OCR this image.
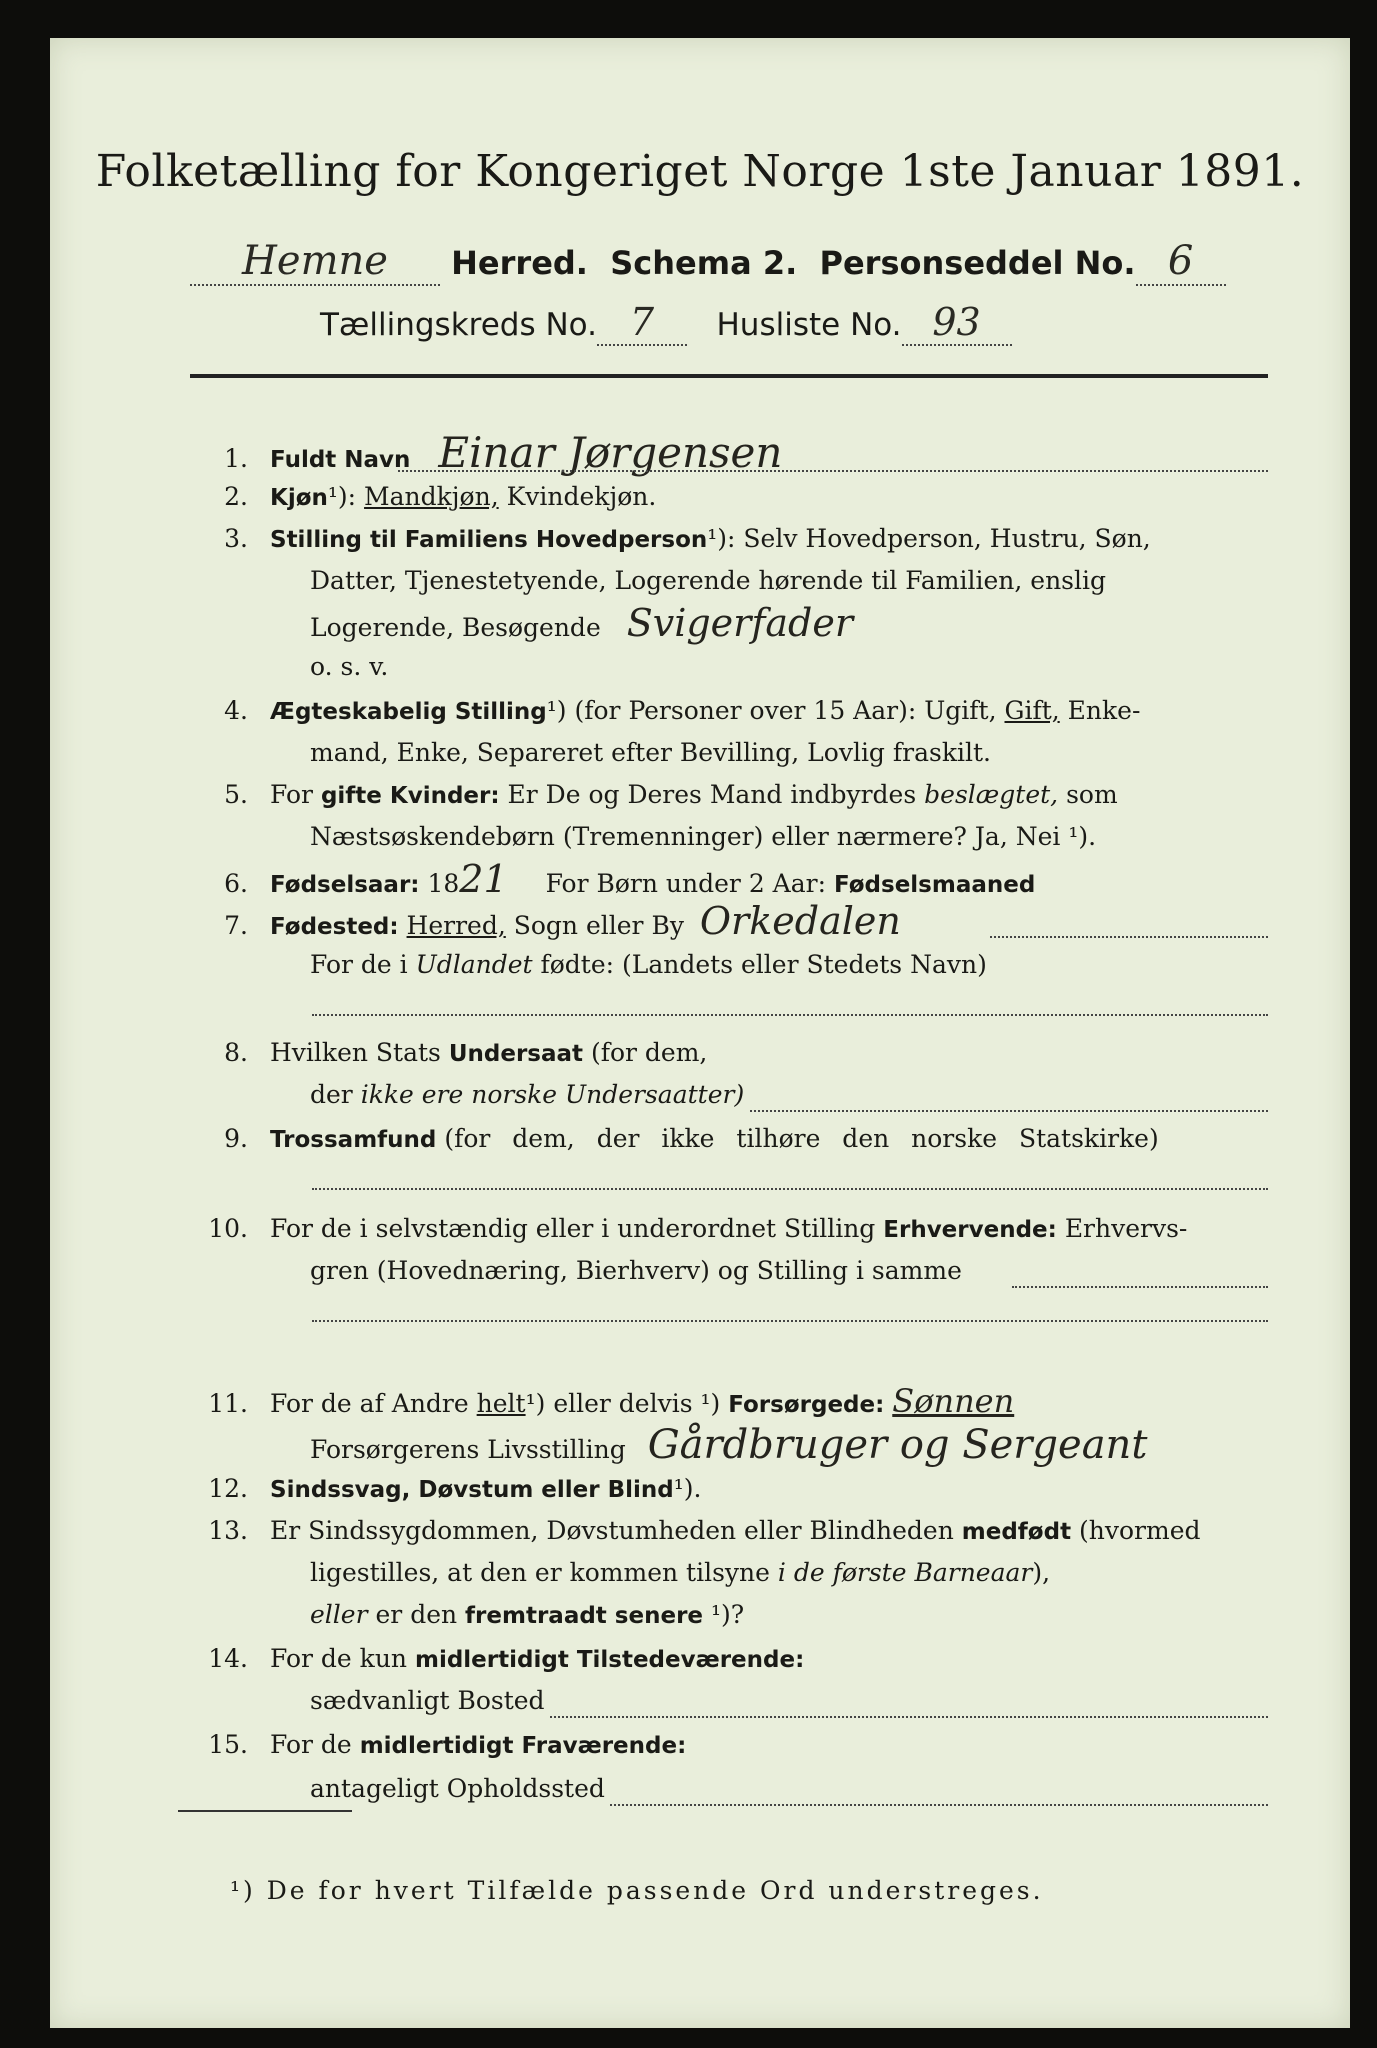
Folketælling for Kongeriget Norge 1ste Januar 1891.
Hemne Herred. Schema 2. Personseddel No. 6
Tællingskreds No. 7 Husliste No. 93
1. Fuldt Navn Einar Jørgensen
2. Kjøn¹): Mandkjøn, Kvindekjøn.
3. Stilling til Familiens Hovedperson¹): Selv Hovedperson, Hustru, Søn,
Datter, Tjenestetyende, Logerende hørende til Familien, enslig
Logerende, Besøgende Svigerfader
o. s. v.
4. Ægteskabelig Stilling¹) (for Personer over 15 Aar): Ugift, Gift, Enke-
mand, Enke, Separeret efter Bevilling, Lovlig fraskilt.
5. For gifte Kvinder: Er De og Deres Mand indbyrdes beslægtet, som
Næstsøskendebørn (Tremenninger) eller nærmere? Ja, Nei ¹).
6. Fødselsaar: 1821 For Børn under 2 Aar: Fødselsmaaned
7. Fødested: Herred, Sogn eller By Orkedalen
For de i Udlandet fødte: (Landets eller Stedets Navn)
8. Hvilken Stats Undersaat (for dem,
der ikke ere norske Undersaatter)
9. Trossamfund (for dem, der ikke tilhøre den norske Statskirke)
10. For de i selvstændig eller i underordnet Stilling Erhvervende: Erhvervs-
gren (Hovednæring, Bierhverv) og Stilling i samme
11. For de af Andre helt¹) eller delvis ¹) Forsørgede: Sønnen
Forsørgerens Livsstilling Gårdbruger og Sergeant
12. Sindssvag, Døvstum eller Blind¹).
13. Er Sindssygdommen, Døvstumheden eller Blindheden medfødt (hvormed
ligestilles, at den er kommen tilsyne i de første Barneaar),
eller er den fremtraadt senere ¹)?
14. For de kun midlertidigt Tilstedeværende:
sædvanligt Bosted
15. For de midlertidigt Fraværende:
antageligt Opholdssted
¹) De for hvert Tilfælde passende Ord understreges.
